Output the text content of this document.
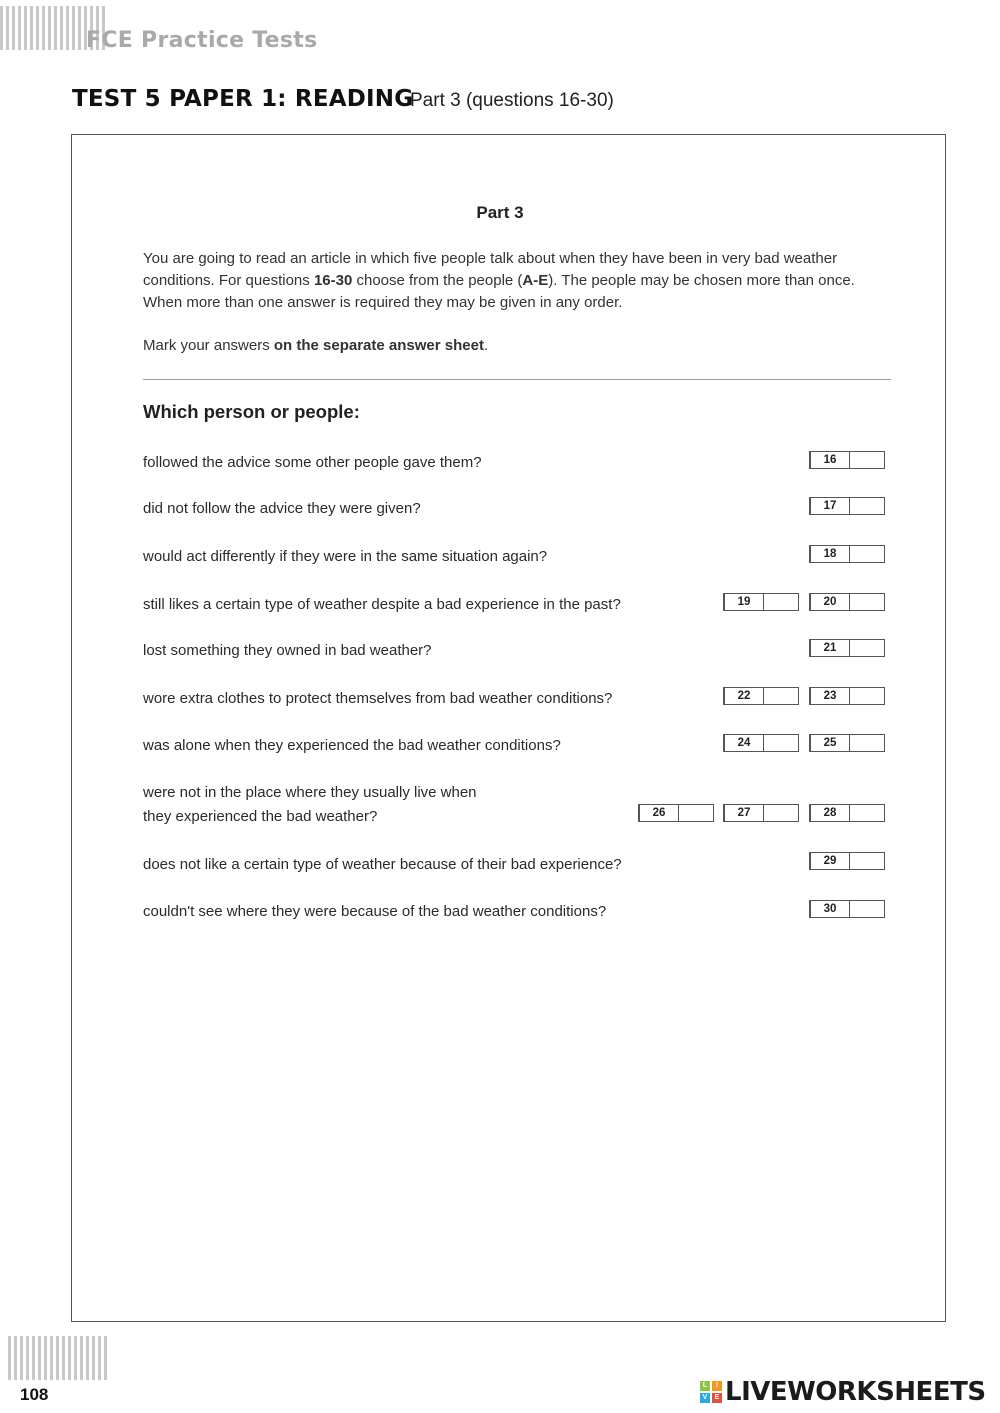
FCE Practice Tests
TEST 5 PAPER 1: READING
Part 3 (questions 16-30)
Part 3
You are going to read an article in which five people talk about when they have been in very bad weather conditions. For questions 16-30 choose from the people (A-E). The people may be chosen more than once. When more than one answer is required they may be given in any order.
Mark your answers on the separate answer sheet.
Which person or people:
followed the advice some other people gave them?	16
did not follow the advice they were given?	17
would act differently if they were in the same situation again?	18
still likes a certain type of weather despite a bad experience in the past?	19	20
lost something they owned in bad weather?	21
wore extra clothes to protect themselves from bad weather conditions?	22	23
was alone when they experienced the bad weather conditions?	24	25
were not in the place where they usually live when
they experienced the bad weather?	26	27	28
does not like a certain type of weather because of their bad experience?	29
couldn't see where they were because of the bad weather conditions?	30
108	L	I
V	E LIVEWORKSHEETS
